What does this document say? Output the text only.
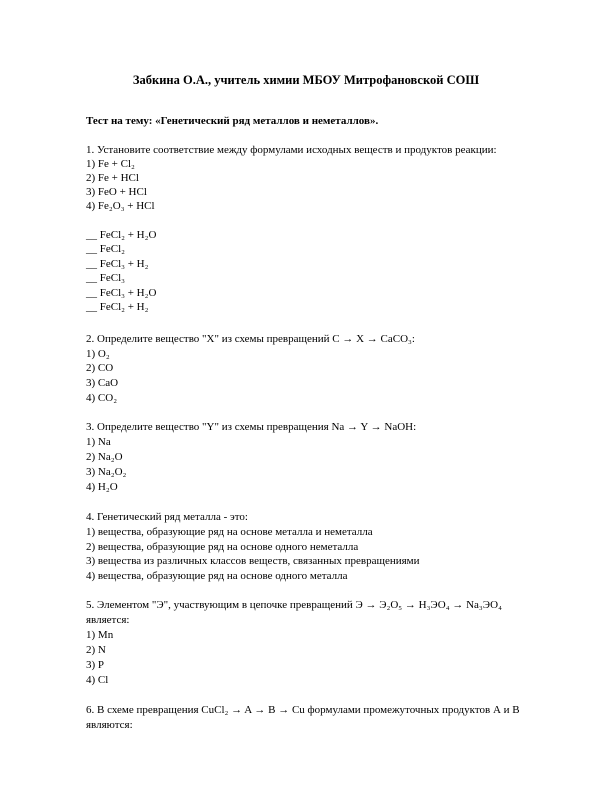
Забкина О.А., учитель химии МБОУ Митрофановской СОШ
Тест на тему: «Генетический ряд металлов и неметаллов».
1. Установите соответствие между формулами исходных веществ и продуктов реакции:
1) Fe + Cl₂
2) Fe + HCl
3) FeO + HCl
4) Fe₂O₃ + HCl
__ FeCl₂ + H₂O
__ FeCl₂
__ FeCl₃ + H₂
__ FeCl₃
__ FeCl₃ + H₂O
__ FeCl₂ + H₂
2. Определите вещество "X" из схемы превращений C → X → CaCO₃:
1) O₂
2) CO
3) CaO
4) CO₂
3. Определите вещество "Y" из схемы превращения Na → Y → NaOH:
1) Na
2) Na₂O
3) Na₂O₂
4) H₂O
4. Генетический ряд металла - это:
1) вещества, образующие ряд на основе металла и неметалла
2) вещества, образующие ряд на основе одного неметалла
3) вещества из различных классов веществ, связанных превращениями
4) вещества, образующие ряд на основе одного металла
5. Элементом "Э", участвующим в цепочке превращений Э → Э₂О₅ → Н₃ЭО₄ → Na₃ЭО₄
является:
1) Mn
2) N
3) P
4) Cl
6. В схеме превращения CuCl₂ → A → B → Cu формулами промежуточных продуктов А и В
являются:
